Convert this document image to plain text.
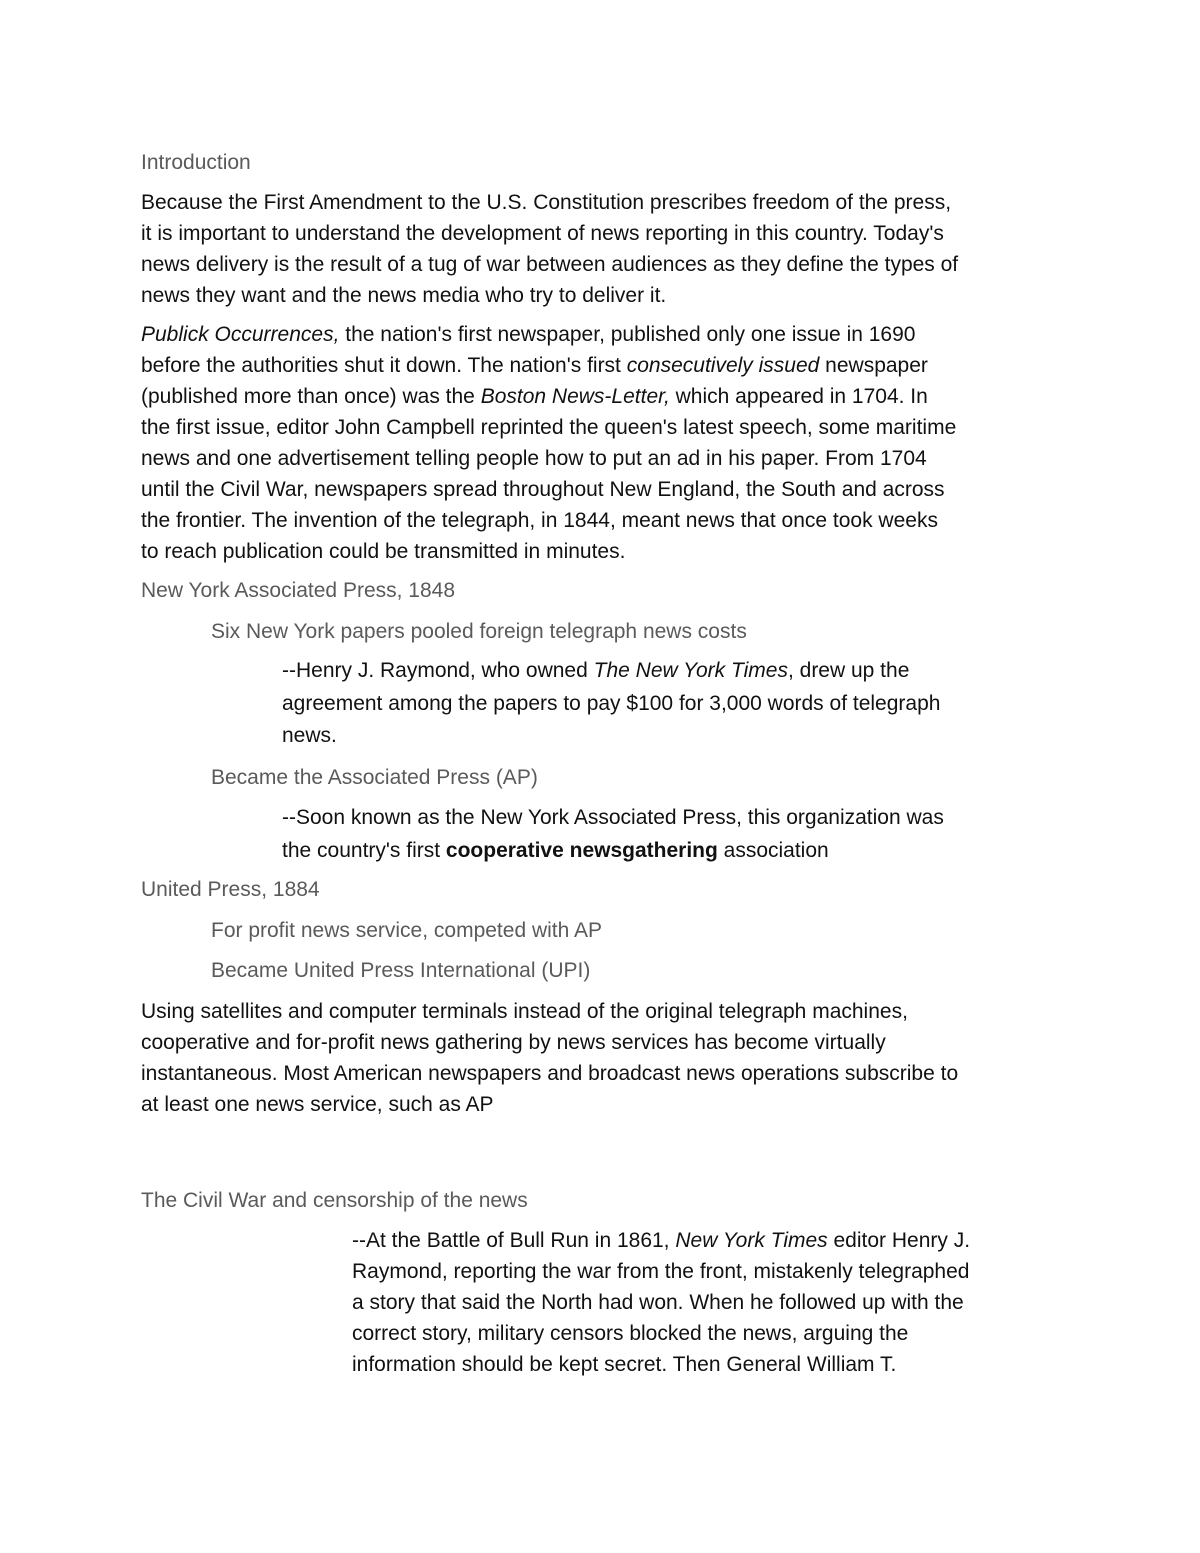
Introduction
Because the First Amendment to the U.S. Constitution prescribes freedom of the press,
it is important to understand the development of news reporting in this country. Today's
news delivery is the result of a tug of war between audiences as they define the types of
news they want and the news media who try to deliver it.
Publick Occurrences, the nation's first newspaper, published only one issue in 1690
before the authorities shut it down. The nation's first consecutively issued newspaper
(published more than once) was the Boston News-Letter, which appeared in 1704. In
the first issue, editor John Campbell reprinted the queen's latest speech, some maritime
news and one advertisement telling people how to put an ad in his paper. From 1704
until the Civil War, newspapers spread throughout New England, the South and across
the frontier. The invention of the telegraph, in 1844, meant news that once took weeks
to reach publication could be transmitted in minutes.
New York Associated Press, 1848
Six New York papers pooled foreign telegraph news costs
--Henry J. Raymond, who owned The New York Times, drew up the
agreement among the papers to pay $100 for 3,000 words of telegraph
news.
Became the Associated Press (AP)
--Soon known as the New York Associated Press, this organization was
the country's first cooperative newsgathering association
United Press, 1884
For profit news service, competed with AP
Became United Press International (UPI)
Using satellites and computer terminals instead of the original telegraph machines,
cooperative and for-profit news gathering by news services has become virtually
instantaneous. Most American newspapers and broadcast news operations subscribe to
at least one news service, such as AP
The Civil War and censorship of the news
--At the Battle of Bull Run in 1861, New York Times editor Henry J.
Raymond, reporting the war from the front, mistakenly telegraphed
a story that said the North had won. When he followed up with the
correct story, military censors blocked the news, arguing the
information should be kept secret. Then General William T.
